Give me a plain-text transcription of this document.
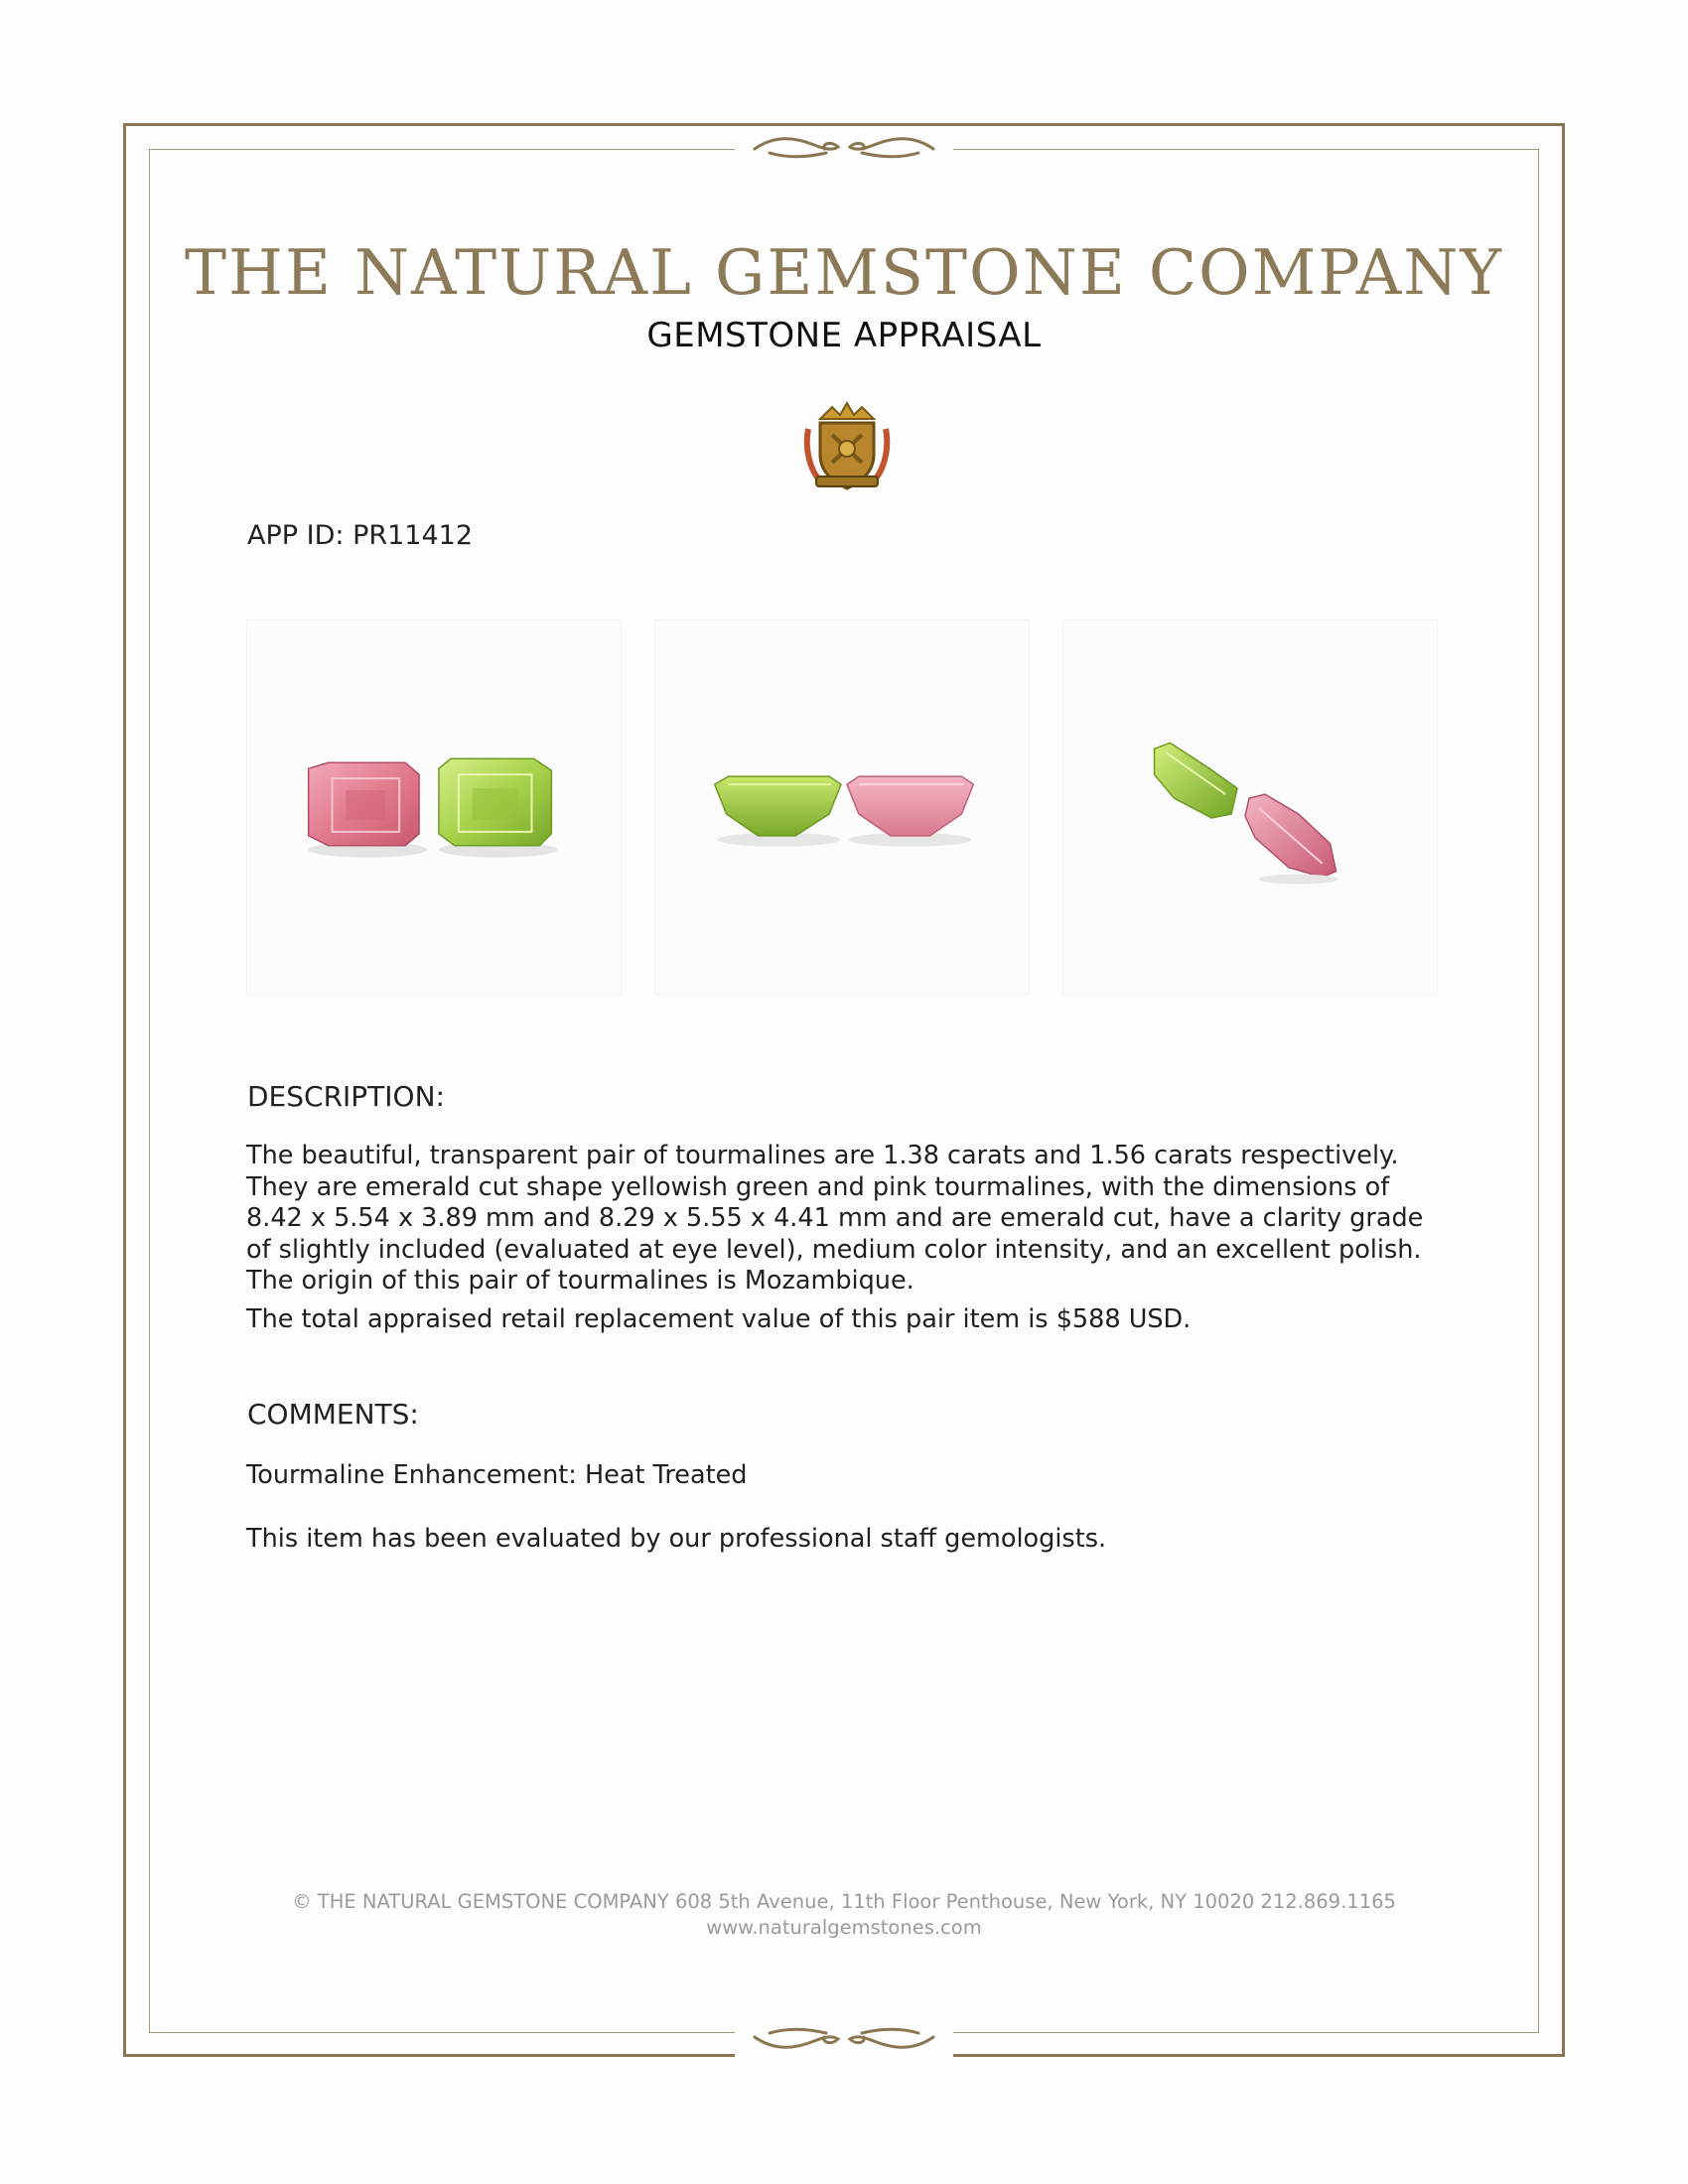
THE NATURAL GEMSTONE COMPANY
GEMSTONE APPRAISAL
APP ID: PR11412
DESCRIPTION:

The beautiful, transparent pair of tourmalines are 1.38 carats and 1.56 carats respectively. They are emerald cut shape yellowish green and pink tourmalines, with the dimensions of 8.42 x 5.54 x 3.89 mm and 8.29 x 5.55 x 4.41 mm and are emerald cut, have a clarity grade of slightly included (evaluated at eye level), medium color intensity, and an excellent polish. The origin of this pair of tourmalines is Mozambique.

The total appraised retail replacement value of this pair item is $588 USD.

COMMENTS:

Tourmaline Enhancement: Heat Treated

This item has been evaluated by our professional staff gemologists.

© THE NATURAL GEMSTONE COMPANY 608 5th Avenue, 11th Floor Penthouse, New York, NY 10020 212.869.1165
www.naturalgemstones.com
